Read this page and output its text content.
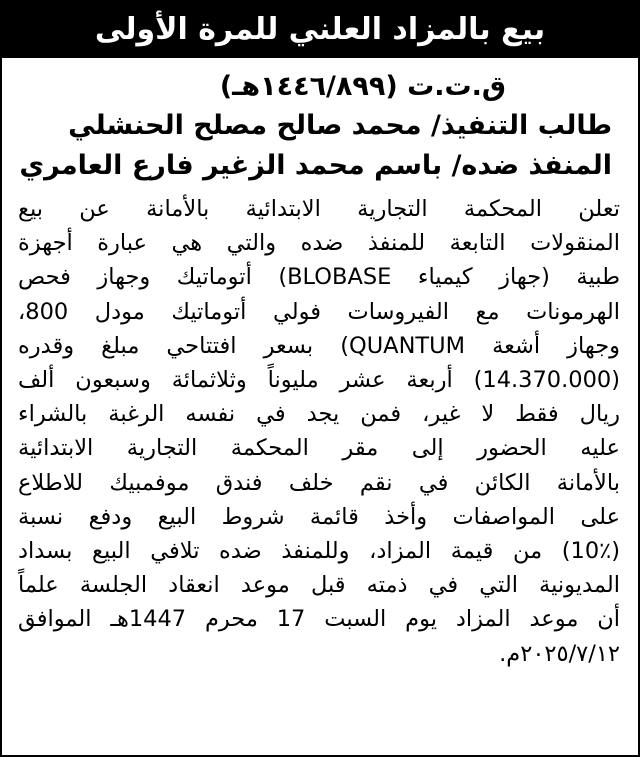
بيع بالمزاد العلني للمرة الأولى
ق.ت.ت (١٤٤٦/٨٩٩هـ)
طالب التنفيذ/ محمد صالح مصلح الحنشلي
المنفذ ضده/ باسم محمد الزغير فارع العامري
تعلن المحكمة التجارية الابتدائية بالأمانة عن بيع
المنقولات التابعة للمنفذ ضده والتي هي عبارة أجهزة
طبية (جهاز كيمياء BLOBASE) أتوماتيك وجهاز فحص
الهرمونات مع الفيروسات فولي أتوماتيك مودل 800،
وجهاز أشعة QUANTUM) بسعر افتتاحي مبلغ وقدره
(14.370.000) أربعة عشر مليوناً وثلاثمائة وسبعون ألف
ريال فقط لا غير، فمن يجد في نفسه الرغبة بالشراء
عليه الحضور إلى مقر المحكمة التجارية الابتدائية
بالأمانة الكائن في نقم خلف فندق موفمبيك للاطلاع
على المواصفات وأخذ قائمة شروط البيع ودفع نسبة
(10٪) من قيمة المزاد، وللمنفذ ضده تلافي البيع بسداد
المديونية التي في ذمته قبل موعد انعقاد الجلسة علماً
أن موعد المزاد يوم السبت 17 محرم 1447هـ الموافق
٢٠٢٥/٧/١٢م.
